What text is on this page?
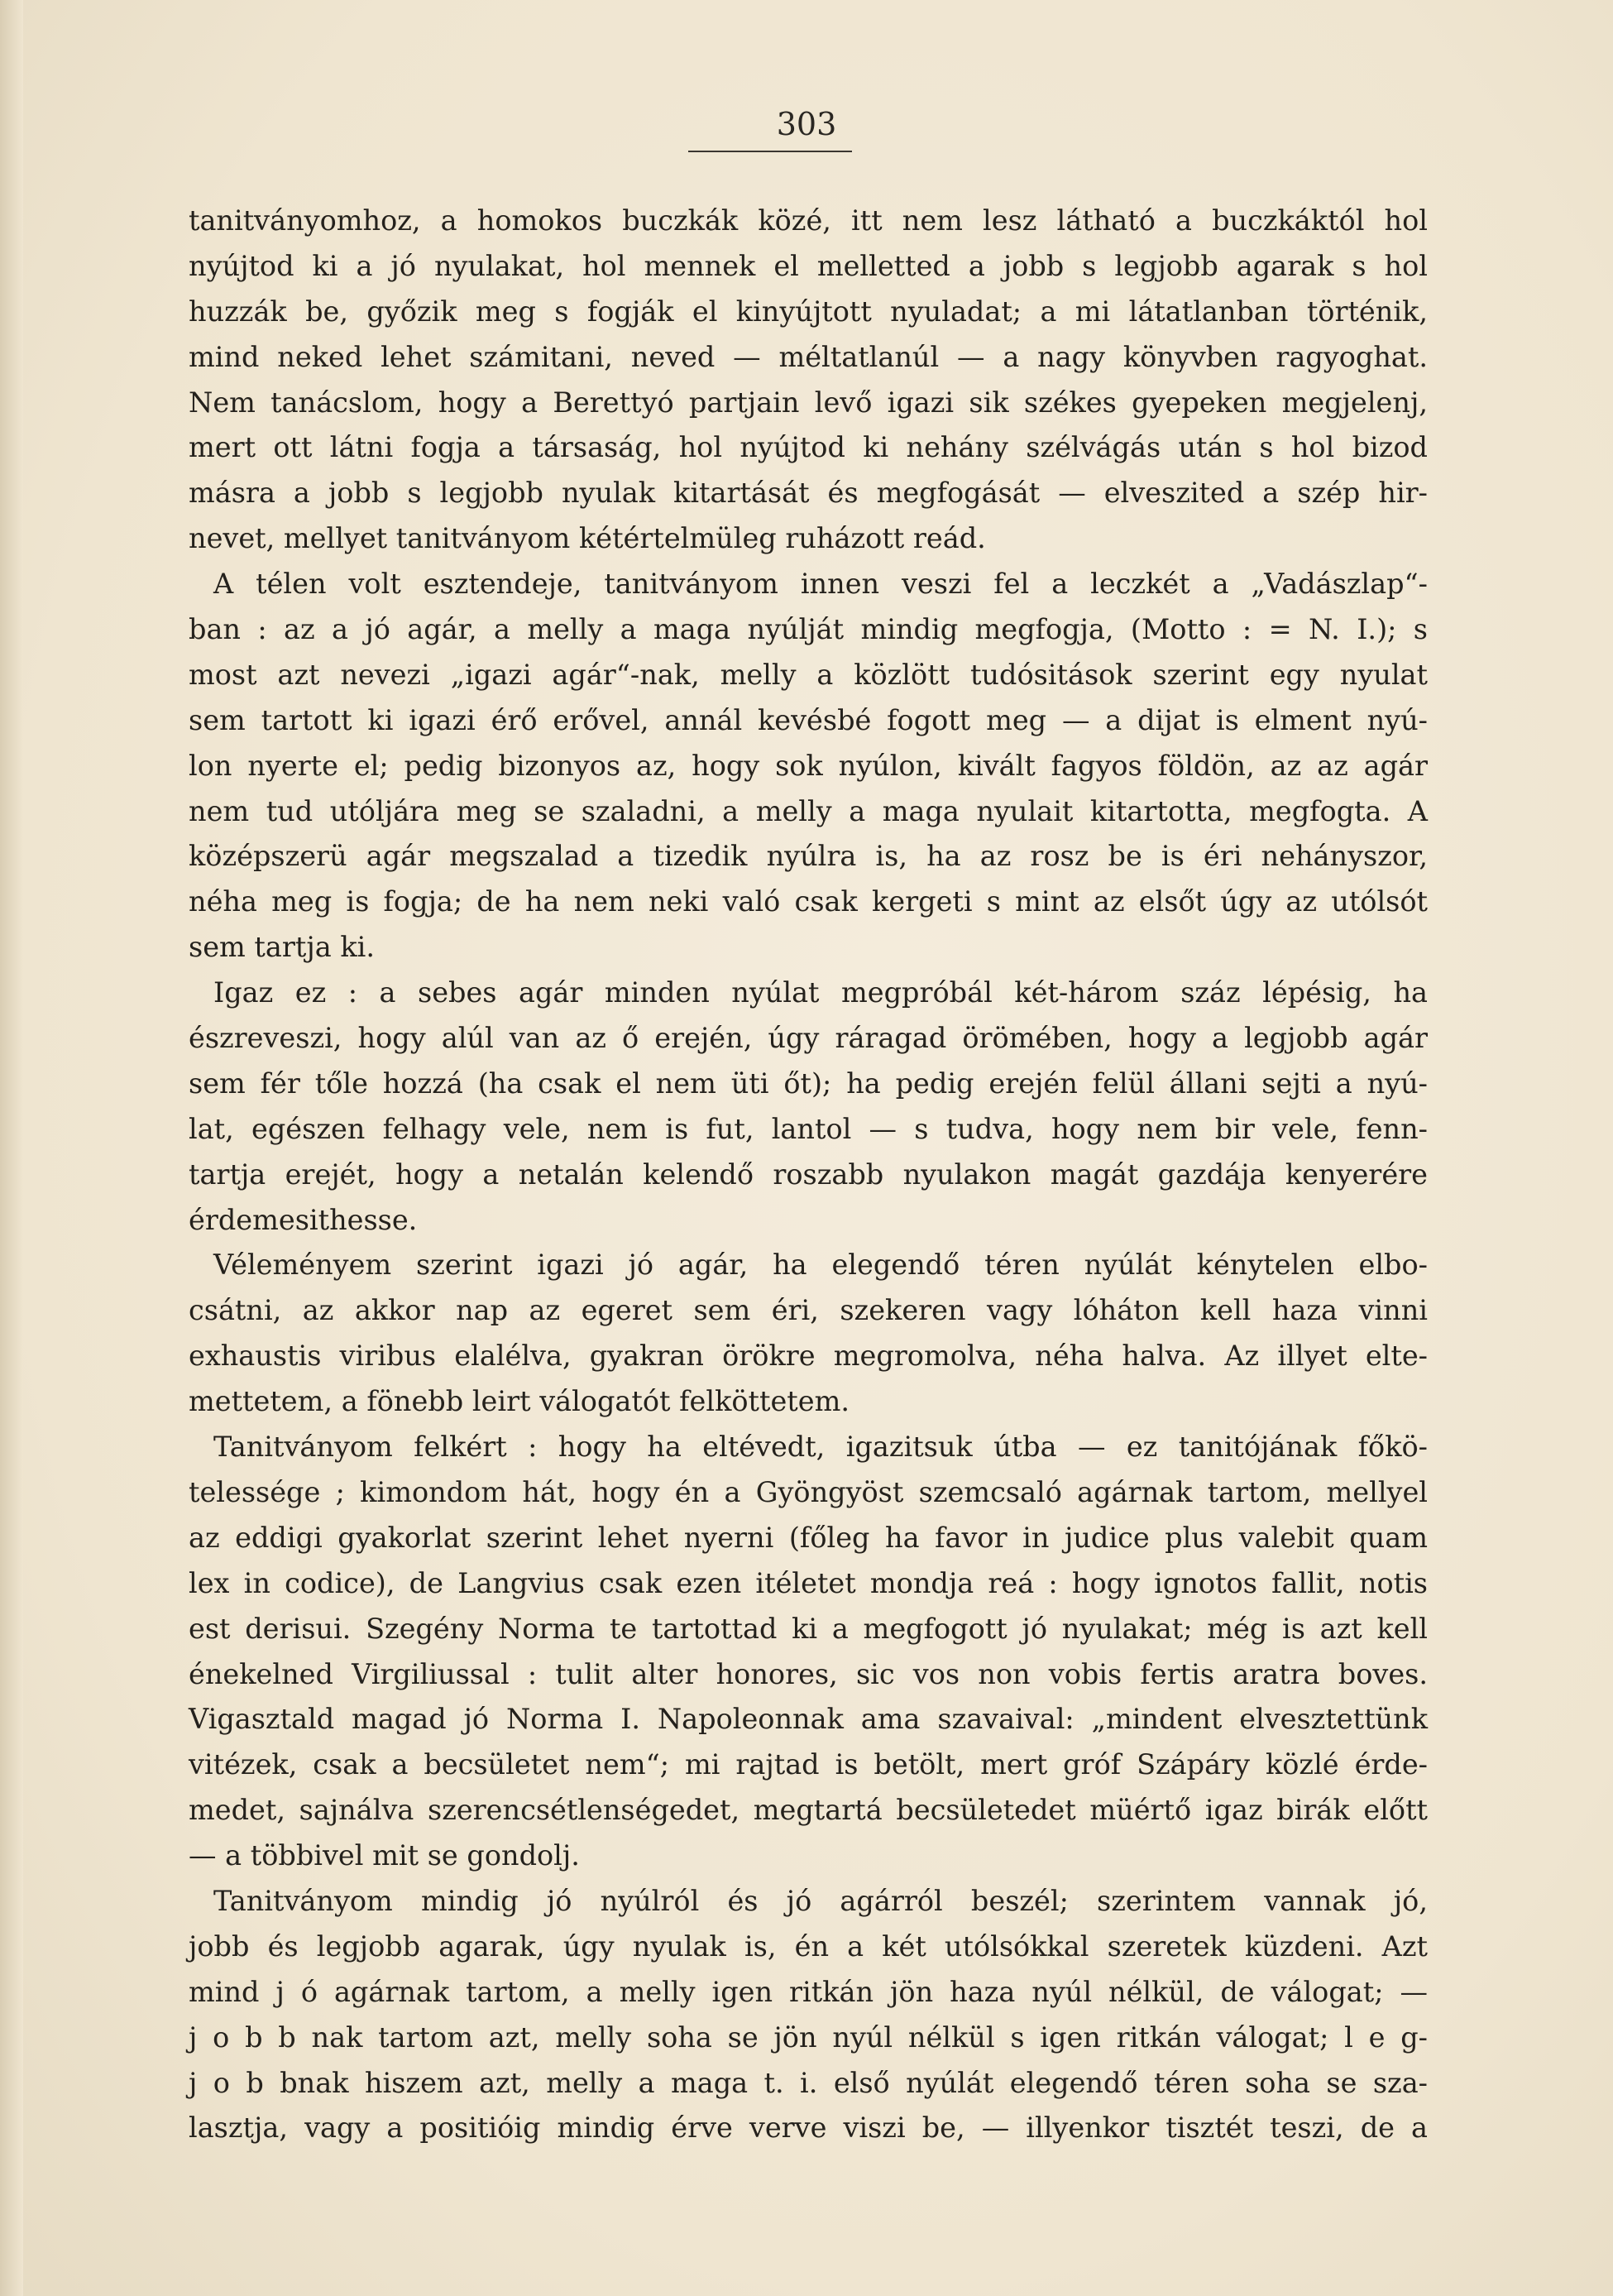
303
tanitványomhoz, a homokos buczkák közé, itt nem lesz látható a buczkáktól hol
nyújtod ki a jó nyulakat, hol mennek el melletted a jobb s legjobb agarak s hol
huzzák be, győzik meg s fogják el kinyújtott nyuladat; a mi látatlanban történik,
mind neked lehet számitani, neved — méltatlanúl — a nagy könyvben ragyoghat.
Nem tanácslom, hogy a Berettyó partjain levő igazi sik székes gyepeken megjelenj,
mert ott látni fogja a társaság, hol nyújtod ki nehány szélvágás után s hol bizod
másra a jobb s legjobb nyulak kitartását és megfogását — elveszited a szép hir-
nevet, mellyet tanitványom kétértelmüleg ruházott reád.
A télen volt esztendeje, tanitványom innen veszi fel a leczkét a „Vadászlap“-
ban : az a jó agár, a melly a maga nyúlját mindig megfogja, (Motto : = N. I.); s
most azt nevezi „igazi agár“-nak, melly a közlött tudósitások szerint egy nyulat
sem tartott ki igazi érő erővel, annál kevésbé fogott meg — a dijat is elment nyú-
lon nyerte el; pedig bizonyos az, hogy sok nyúlon, kivált fagyos földön, az az agár
nem tud utóljára meg se szaladni, a melly a maga nyulait kitartotta, megfogta. A
középszerü agár megszalad a tizedik nyúlra is, ha az rosz be is éri nehányszor,
néha meg is fogja; de ha nem neki való csak kergeti s mint az elsőt úgy az utólsót
sem tartja ki.
Igaz ez : a sebes agár minden nyúlat megpróbál két-három száz lépésig, ha
észreveszi, hogy alúl van az ő erején, úgy ráragad örömében, hogy a legjobb agár
sem fér tőle hozzá (ha csak el nem üti őt); ha pedig erején felül állani sejti a nyú-
lat, egészen felhagy vele, nem is fut, lantol — s tudva, hogy nem bir vele, fenn-
tartja erejét, hogy a netalán kelendő roszabb nyulakon magát gazdája kenyerére
érdemesithesse.
Véleményem szerint igazi jó agár, ha elegendő téren nyúlát kénytelen elbo-
csátni, az akkor nap az egeret sem éri, szekeren vagy lóháton kell haza vinni
exhaustis viribus elalélva, gyakran örökre megromolva, néha halva. Az illyet elte-
mettetem, a fönebb leirt válogatót felköttetem.
Tanitványom felkért : hogy ha eltévedt, igazitsuk útba — ez tanitójának főkö-
telessége ; kimondom hát, hogy én a Gyöngyöst szemcsaló agárnak tartom, mellyel
az eddigi gyakorlat szerint lehet nyerni (főleg ha favor in judice plus valebit quam
lex in codice), de Langvius csak ezen itéletet mondja reá : hogy ignotos fallit, notis
est derisui. Szegény Norma te tartottad ki a megfogott jó nyulakat; még is azt kell
énekelned Virgiliussal : tulit alter honores, sic vos non vobis fertis aratra boves.
Vigasztald magad jó Norma I. Napoleonnak ama szavaival: „mindent elvesztettünk
vitézek, csak a becsületet nem“; mi rajtad is betölt, mert gróf Szápáry közlé érde-
medet, sajnálva szerencsétlenségedet, megtartá becsületedet müértő igaz birák előtt
— a többivel mit se gondolj.
Tanitványom mindig jó nyúlról és jó agárról beszél; szerintem vannak jó,
jobb és legjobb agarak, úgy nyulak is, én a két utólsókkal szeretek küzdeni. Azt
mind j ó agárnak tartom, a melly igen ritkán jön haza nyúl nélkül, de válogat; —
j o b b nak tartom azt, melly soha se jön nyúl nélkül s igen ritkán válogat; l e g-
j o b bnak hiszem azt, melly a maga t. i. első nyúlát elegendő téren soha se sza-
lasztja, vagy a positióig mindig érve verve viszi be, — illyenkor tisztét teszi, de a
